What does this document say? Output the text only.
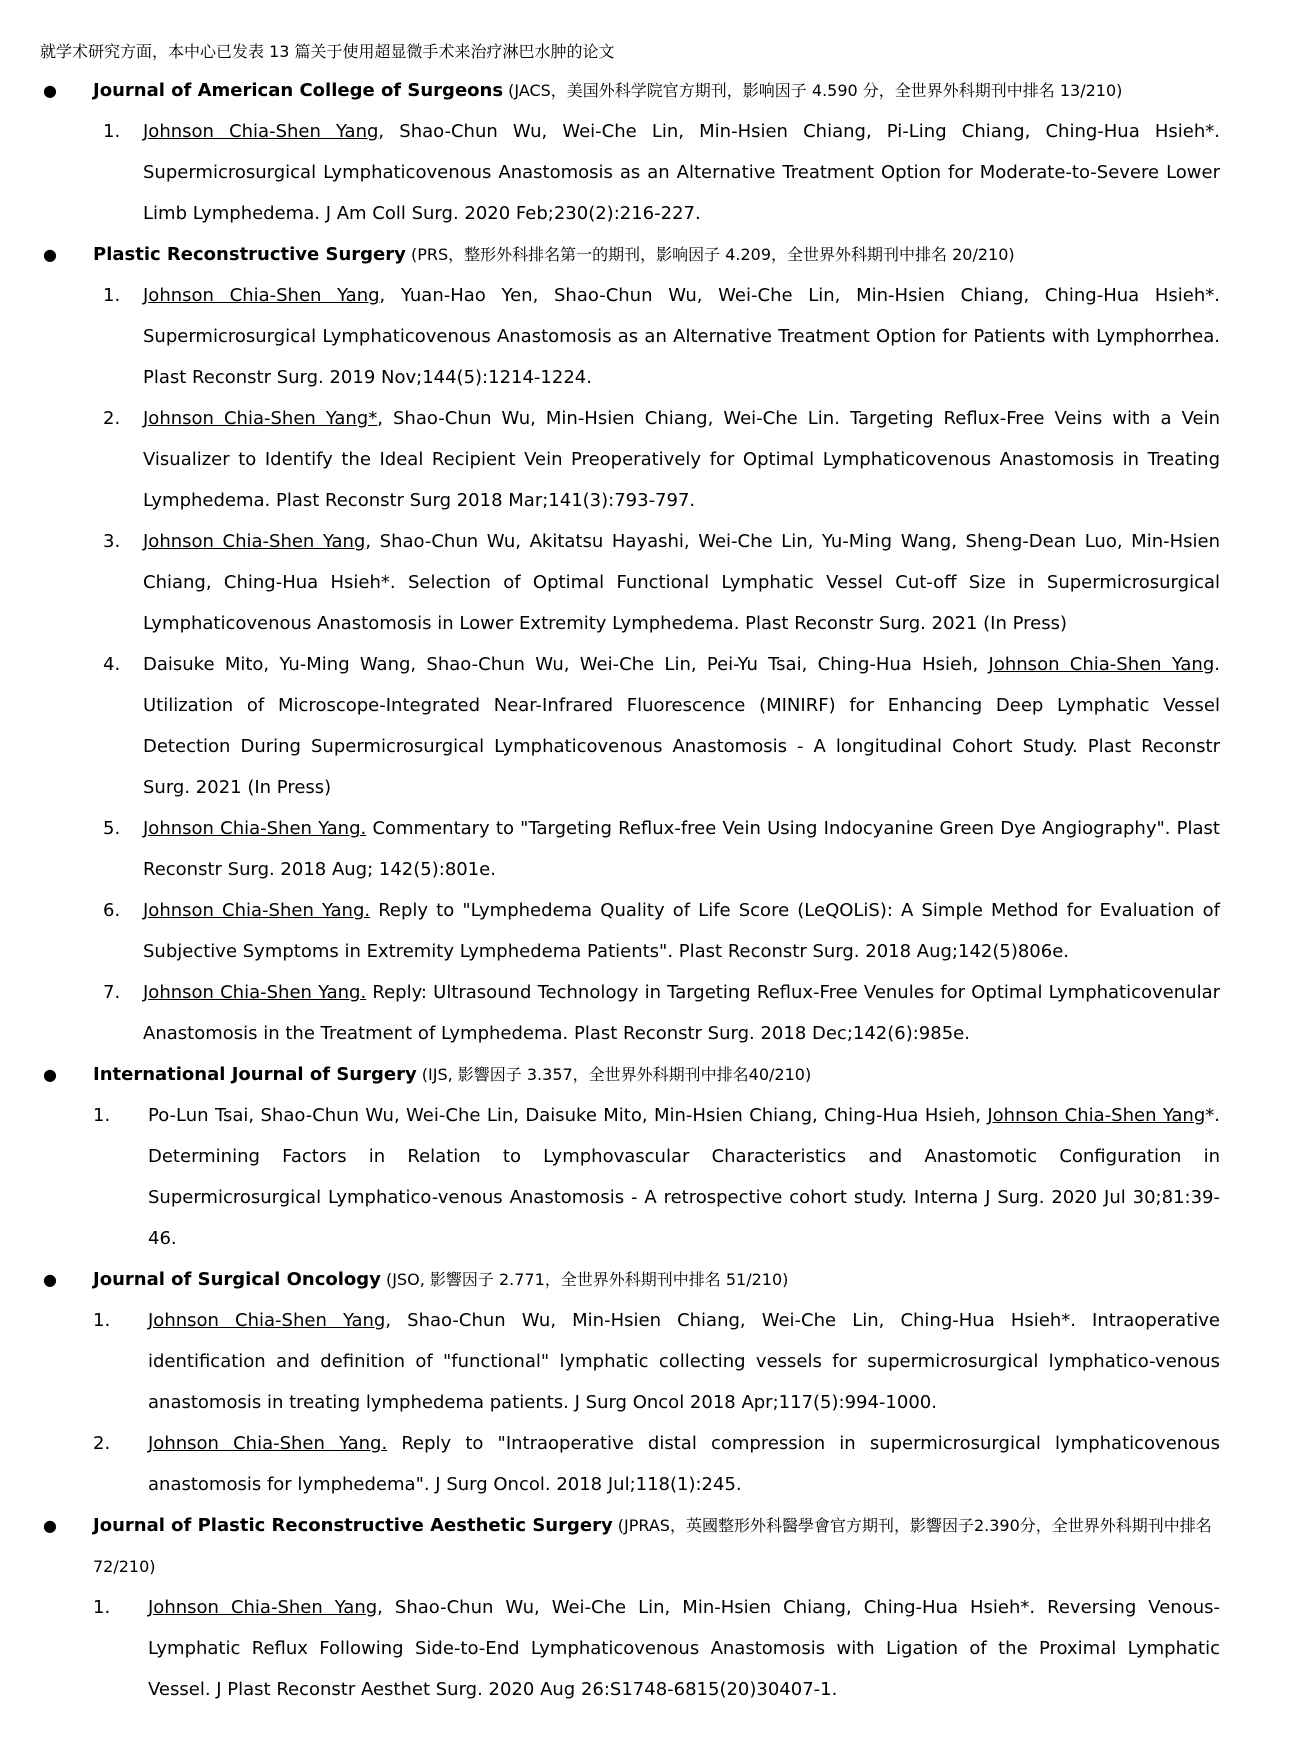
就学术研究方面，本中心已发表 13 篇关于使用超显微手术来治疗淋巴水肿的论文
● Journal of American College of Surgeons (JACS，美国外科学院官方期刊，影响因子 4.590 分，全世界外科期刊中排名 13/210)
1. Johnson Chia-Shen Yang, Shao-Chun Wu, Wei-Che Lin, Min-Hsien Chiang, Pi-Ling Chiang, Ching-Hua Hsieh*. Supermicrosurgical Lymphaticovenous Anastomosis as an Alternative Treatment Option for Moderate-to-Severe Lower Limb Lymphedema. J Am Coll Surg. 2020 Feb;230(2):216-227.
● Plastic Reconstructive Surgery (PRS，整形外科排名第一的期刊，影响因子 4.209，全世界外科期刊中排名 20/210)
1. Johnson Chia-Shen Yang, Yuan-Hao Yen, Shao-Chun Wu, Wei-Che Lin, Min-Hsien Chiang, Ching-Hua Hsieh*. Supermicrosurgical Lymphaticovenous Anastomosis as an Alternative Treatment Option for Patients with Lymphorrhea. Plast Reconstr Surg. 2019 Nov;144(5):1214-1224.
2. Johnson Chia-Shen Yang*, Shao-Chun Wu, Min-Hsien Chiang, Wei-Che Lin. Targeting Reflux-Free Veins with a Vein Visualizer to Identify the Ideal Recipient Vein Preoperatively for Optimal Lymphaticovenous Anastomosis in Treating Lymphedema. Plast Reconstr Surg 2018 Mar;141(3):793-797.
3. Johnson Chia-Shen Yang, Shao-Chun Wu, Akitatsu Hayashi, Wei-Che Lin, Yu-Ming Wang, Sheng-Dean Luo, Min-Hsien Chiang, Ching-Hua Hsieh*. Selection of Optimal Functional Lymphatic Vessel Cut-off Size in Supermicrosurgical Lymphaticovenous Anastomosis in Lower Extremity Lymphedema. Plast Reconstr Surg. 2021 (In Press)
4. Daisuke Mito, Yu-Ming Wang, Shao-Chun Wu, Wei-Che Lin, Pei-Yu Tsai, Ching-Hua Hsieh, Johnson Chia-Shen Yang. Utilization of Microscope-Integrated Near-Infrared Fluorescence (MINIRF) for Enhancing Deep Lymphatic Vessel Detection During Supermicrosurgical Lymphaticovenous Anastomosis - A longitudinal Cohort Study. Plast Reconstr Surg. 2021 (In Press)
5. Johnson Chia-Shen Yang. Commentary to "Targeting Reflux-free Vein Using Indocyanine Green Dye Angiography". Plast Reconstr Surg. 2018 Aug; 142(5):801e.
6. Johnson Chia-Shen Yang. Reply to "Lymphedema Quality of Life Score (LeQOLiS): A Simple Method for Evaluation of Subjective Symptoms in Extremity Lymphedema Patients". Plast Reconstr Surg. 2018 Aug;142(5)806e.
7. Johnson Chia-Shen Yang. Reply: Ultrasound Technology in Targeting Reflux-Free Venules for Optimal Lymphaticovenular Anastomosis in the Treatment of Lymphedema. Plast Reconstr Surg. 2018 Dec;142(6):985e.
● International Journal of Surgery (IJS, 影響因子 3.357，全世界外科期刊中排名40/210)
1. Po-Lun Tsai, Shao-Chun Wu, Wei-Che Lin, Daisuke Mito, Min-Hsien Chiang, Ching-Hua Hsieh, Johnson Chia-Shen Yang*. Determining Factors in Relation to Lymphovascular Characteristics and Anastomotic Configuration in Supermicrosurgical Lymphatico-venous Anastomosis - A retrospective cohort study. Interna J Surg. 2020 Jul 30;81:39-46.
● Journal of Surgical Oncology (JSO, 影響因子 2.771，全世界外科期刊中排名 51/210)
1. Johnson Chia-Shen Yang, Shao-Chun Wu, Min-Hsien Chiang, Wei-Che Lin, Ching-Hua Hsieh*. Intraoperative identification and definition of "functional" lymphatic collecting vessels for supermicrosurgical lymphatico-venous anastomosis in treating lymphedema patients. J Surg Oncol 2018 Apr;117(5):994-1000.
2. Johnson Chia-Shen Yang. Reply to "Intraoperative distal compression in supermicrosurgical lymphaticovenous anastomosis for lymphedema". J Surg Oncol. 2018 Jul;118(1):245.
● Journal of Plastic Reconstructive Aesthetic Surgery (JPRAS，英國整形外科醫學會官方期刊，影響因子2.390分，全世界外科期刊中排名72/210)
1. Johnson Chia-Shen Yang, Shao-Chun Wu, Wei-Che Lin, Min-Hsien Chiang, Ching-Hua Hsieh*. Reversing Venous-Lymphatic Reflux Following Side-to-End Lymphaticovenous Anastomosis with Ligation of the Proximal Lymphatic Vessel. J Plast Reconstr Aesthet Surg. 2020 Aug 26:S1748-6815(20)30407-1.
